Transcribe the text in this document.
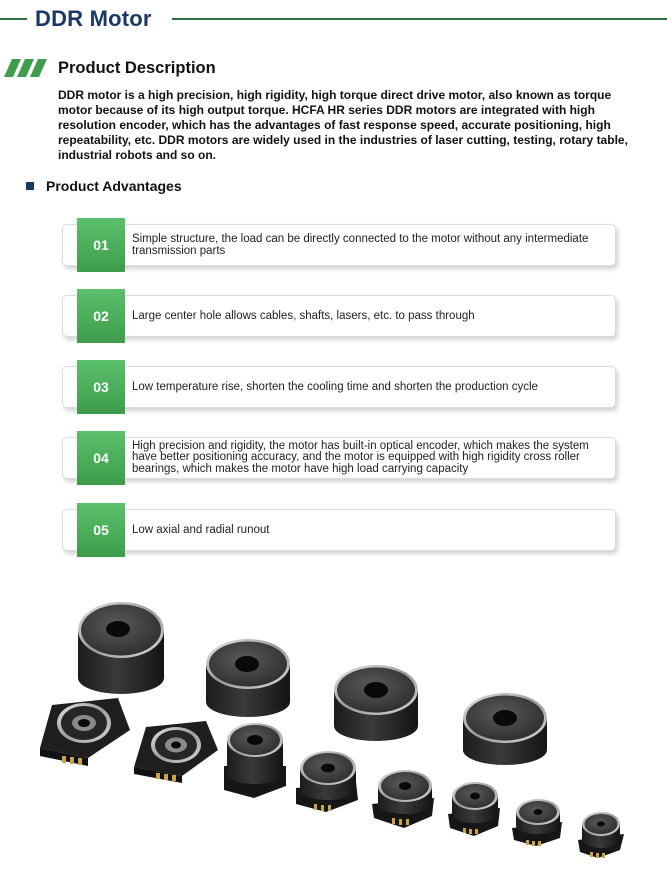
DDR Motor
Product Description
DDR motor is a high precision, high rigidity, high torque direct drive motor, also known as torque motor because of its high output torque. HCFA HR series DDR motors are integrated with high resolution encoder, which has the advantages of fast response speed, accurate positioning, high repeatability, etc. DDR motors are widely used in the industries of laser cutting, testing, rotary table, industrial robots and so on.
Product Advantages
01	Simple structure, the load can be directly connected to the motor without any intermediate transmission parts
02	Large center hole allows cables, shafts, lasers, etc. to pass through
03	Low temperature rise, shorten the cooling time and shorten the production cycle
04
High precision and rigidity, the motor has built-in optical encoder, which makes the system have better positioning accuracy, and the motor is equipped with high rigidity cross roller bearings, which makes the motor have high load carrying capacity
05	Low axial and radial runout
